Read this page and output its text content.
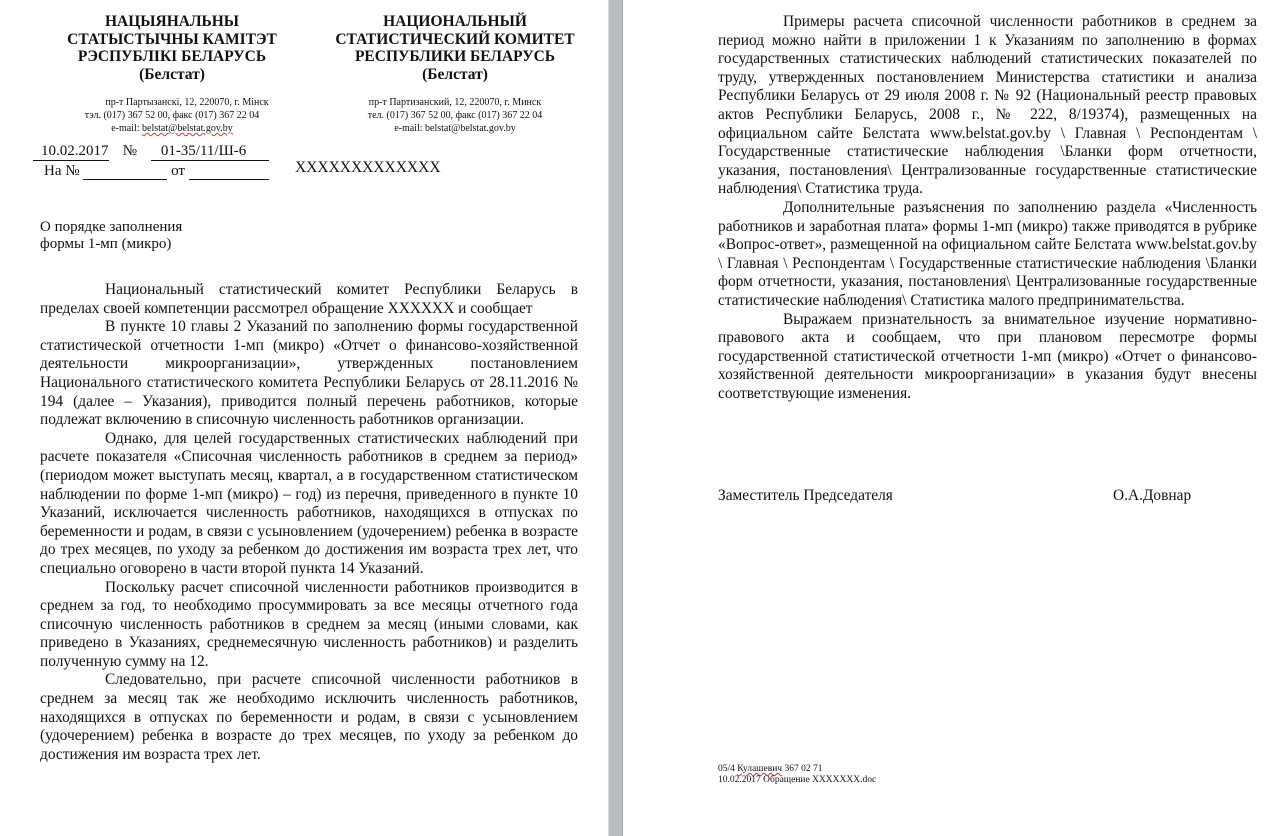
НАЦЫЯНАЛЬНЫ
СТАТЫСТЫЧНЫ КАМІТЭТ
РЭСПУБЛІКІ БЕЛАРУСЬ
(Белстат)
пр-т Партызанскі, 12, 220070, г. Мінск
тэл. (017) 367 52 00, факс (017) 367 22 04
e-mail: belstat@belstat.gov.by
НАЦИОНАЛЬНЫЙ
СТАТИСТИЧЕСКИЙ КОМИТЕТ
РЕСПУБЛИКИ БЕЛАРУСЬ
(Белстат)
пр-т Партизанский, 12, 220070, г. Минск
тел. (017) 367 52 00, факс (017) 367 22 04
e-mail: belstat@belstat.gov.by
10.02.2017 № 01-35/11/Ш-6
На №	от	XXXXXXXXXXXXX
О порядке заполнения
формы 1-мп (микро)

Национальный статистический комитет Республики Беларусь в пределах своей компетенции рассмотрел обращение XXXXXX и сообщает

В пункте 10 главы 2 Указаний по заполнению формы государственной статистической отчетности 1-мп (микро) «Отчет о финансово-хозяйственной деятельности микроорганизации», утвержденных постановлением Национального статистического комитета Республики Беларусь от 28.11.2016 № 194 (далее – Указания), приводится полный перечень работников, которые подлежат включению в списочную численность работников организации.

Однако, для целей государственных статистических наблюдений при расчете показателя «Списочная численность работников в среднем за период» (периодом может выступать месяц, квартал, а в государственном статистическом наблюдении по форме 1-мп (микро) – год) из перечня, приведенного в пункте 10 Указаний, исключается численность работников, находящихся в отпусках по беременности и родам, в связи с усыновлением (удочерением) ребенка в возрасте до трех месяцев, по уходу за ребенком до достижения им возраста трех лет, что специально оговорено в части второй пункта 14 Указаний.

Поскольку расчет списочной численности работников производится в среднем за год, то необходимо просуммировать за все месяцы отчетного года списочную численность работников в среднем за месяц (иными словами, как приведено в Указаниях, среднемесячную численность работников) и разделить полученную сумму на 12.

Следовательно, при расчете списочной численности работников в среднем за месяц так же необходимо исключить численность работников, находящихся в отпусках по беременности и родам, в связи с усыновлением (удочерением) ребенка в возрасте до трех месяцев, по уходу за ребенком до достижения им возраста трех лет.

Примеры расчета списочной численности работников в среднем за период можно найти в приложении 1 к Указаниям по заполнению в формах государственных статистических наблюдений статистических показателей по труду, утвержденных постановлением Министерства статистики и анализа Республики Беларусь от 29 июля 2008 г. № 92 (Национальный реестр правовых актов Республики Беларусь, 2008 г., № 222, 8/19374), размещенных на официальном сайте Белстата www.belstat.gov.by \ Главная \ Респондентам \ Государственные статистические наблюдения \Бланки форм отчетности, указания, постановления\ Централизованные государственные статистические наблюдения\ Статистика труда.

Дополнительные разъяснения по заполнению раздела «Численность работников и заработная плата» формы 1-мп (микро) также приводятся в рубрике «Вопрос-ответ», размещенной на официальном сайте Белстата www.belstat.gov.by \ Главная \ Респондентам \ Государственные статистические наблюдения \Бланки форм отчетности, указания, постановления\ Централизованные государственные статистические наблюдения\ Статистика малого предпринимательства.

Выражаем признательность за внимательное изучение нормативно-правового акта и сообщаем, что при плановом пересмотре формы государственной статистической отчетности 1-мп (микро) «Отчет о финансово-хозяйственной деятельности микроорганизации» в указания будут внесены соответствующие изменения.

Заместитель Председателя	О.А.Довнар
05/4 Кулашевич 367 02 71
10.02.2017 Обращение XXXXXXX.doc
